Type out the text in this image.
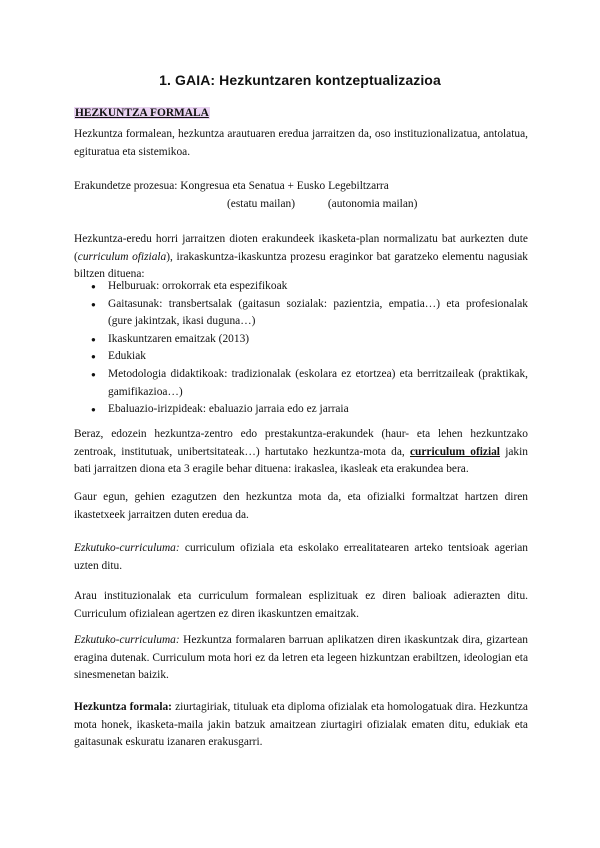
1. GAIA: Hezkuntzaren kontzeptualizazioa
HEZKUNTZA FORMALA
Hezkuntza formalean, hezkuntza arautuaren eredua jarraitzen da, oso instituzionalizatua, antolatua, egituratua eta sistemikoa.
Erakundetze prozesua: Kongresua eta Senatua + Eusko Legebiltzarra
(estatu mailan)	(autonomia mailan)
Hezkuntza-eredu horri jarraitzen dioten erakundeek ikasketa-plan normalizatu bat aurkezten dute (curriculum ofiziala), irakaskuntza-ikaskuntza prozesu eraginkor bat garatzeko elementu nagusiak biltzen dituena:
● Helburuak: orrokorrak eta espezifikoak
● Gaitasunak: transbertsalak (gaitasun sozialak: pazientzia, empatia…) eta profesionalak (gure jakintzak, ikasi duguna…)
● Ikaskuntzaren emaitzak (2013)
● Edukiak
● Metodologia didaktikoak: tradizionalak (eskolara ez etortzea) eta berritzaileak (praktikak, gamifikazioa…)
● Ebaluazio-irizpideak: ebaluazio jarraia edo ez jarraia
Beraz, edozein hezkuntza-zentro edo prestakuntza-erakundek (haur- eta lehen hezkuntzako zentroak, institutuak, unibertsitateak…) hartutako hezkuntza-mota da, curriculum ofizial jakin bati jarraitzen diona eta 3 eragile behar dituena: irakaslea, ikasleak eta erakundea bera.
Gaur egun, gehien ezagutzen den hezkuntza mota da, eta ofizialki formaltzat hartzen diren ikastetxeek jarraitzen duten eredua da.
Ezkutuko-curriculuma: curriculum ofiziala eta eskolako errealitatearen arteko tentsioak agerian uzten ditu.
Arau instituzionalak eta curriculum formalean esplizituak ez diren balioak adierazten ditu. Curriculum ofizialean agertzen ez diren ikaskuntzen emaitzak.
Ezkutuko-curriculuma: Hezkuntza formalaren barruan aplikatzen diren ikaskuntzak dira, gizartean eragina dutenak. Curriculum mota hori ez da letren eta legeen hizkuntzan erabiltzen, ideologian eta sinesmenetan baizik.
Hezkuntza formala: ziurtagiriak, tituluak eta diploma ofizialak eta homologatuak dira. Hezkuntza mota honek, ikasketa-maila jakin batzuk amaitzean ziurtagiri ofizialak ematen ditu, edukiak eta gaitasunak eskuratu izanaren erakusgarri.
